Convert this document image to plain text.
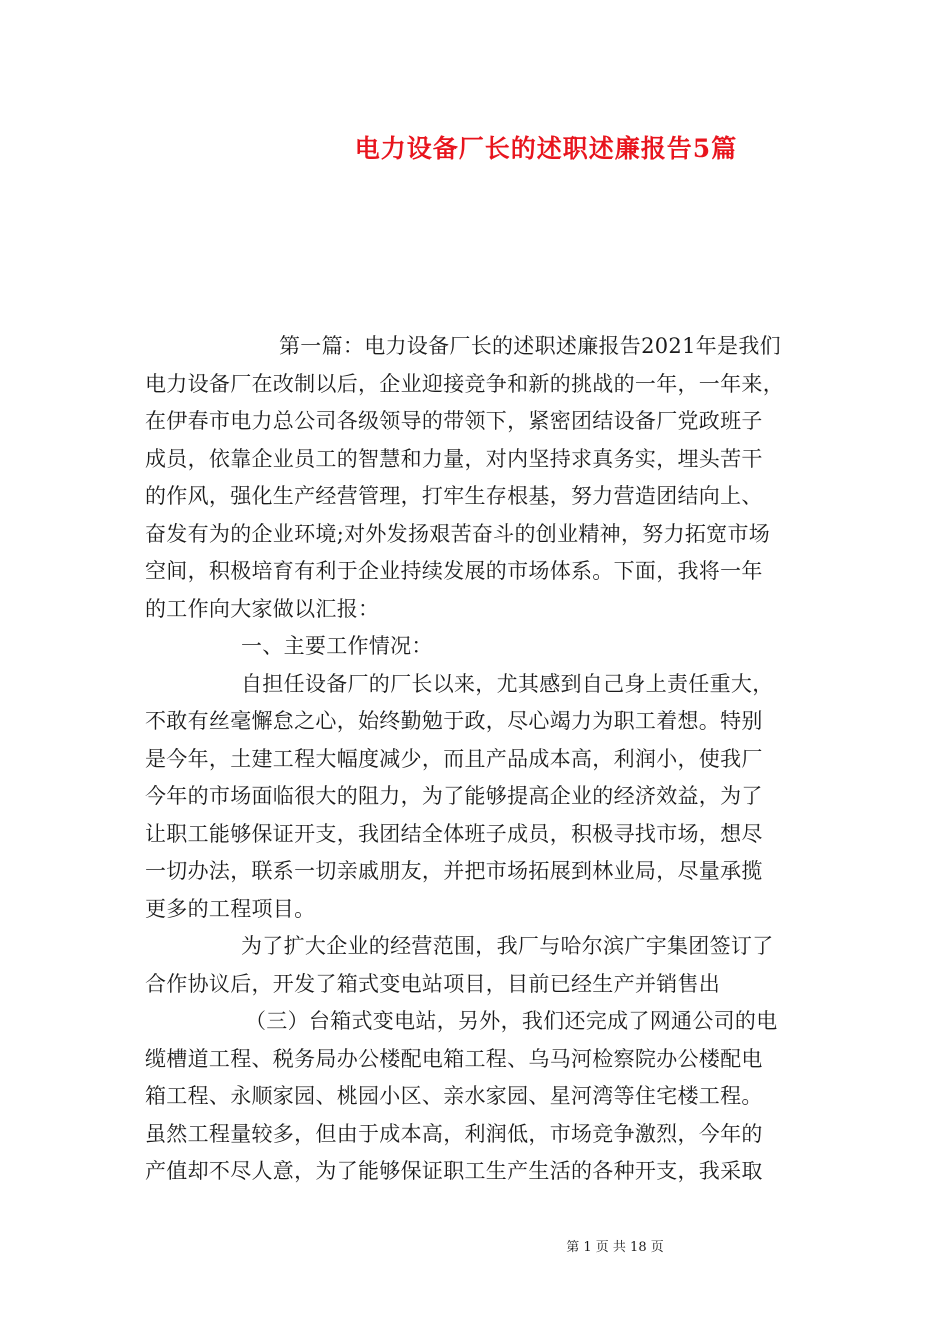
电力设备厂长的述职述廉报告5篇
第一篇：电力设备厂长的述职述廉报告2021年是我们
电力设备厂在改制以后，企业迎接竞争和新的挑战的一年，一年来，
在伊春市电力总公司各级领导的带领下，紧密团结设备厂党政班子
成员，依靠企业员工的智慧和力量，对内坚持求真务实，埋头苦干
的作风，强化生产经营管理，打牢生存根基，努力营造团结向上、
奋发有为的企业环境;对外发扬艰苦奋斗的创业精神，努力拓宽市场
空间，积极培育有利于企业持续发展的市场体系。下面，我将一年
的工作向大家做以汇报：
一、主要工作情况：
自担任设备厂的厂长以来，尤其感到自己身上责任重大，
不敢有丝毫懈怠之心，始终勤勉于政，尽心竭力为职工着想。特别
是今年，土建工程大幅度减少，而且产品成本高，利润小，使我厂
今年的市场面临很大的阻力，为了能够提高企业的经济效益，为了
让职工能够保证开支，我团结全体班子成员，积极寻找市场，想尽
一切办法，联系一切亲戚朋友，并把市场拓展到林业局，尽量承揽
更多的工程项目。
为了扩大企业的经营范围，我厂与哈尔滨广宇集团签订了
合作协议后，开发了箱式变电站项目，目前已经生产并销售出
（三）台箱式变电站，另外，我们还完成了网通公司的电
缆槽道工程、税务局办公楼配电箱工程、乌马河检察院办公楼配电
箱工程、永顺家园、桃园小区、亲水家园、星河湾等住宅楼工程。
虽然工程量较多，但由于成本高，利润低，市场竞争激烈，今年的
产值却不尽人意，为了能够保证职工生产生活的各种开支，我采取
第 1 页 共 18 页
